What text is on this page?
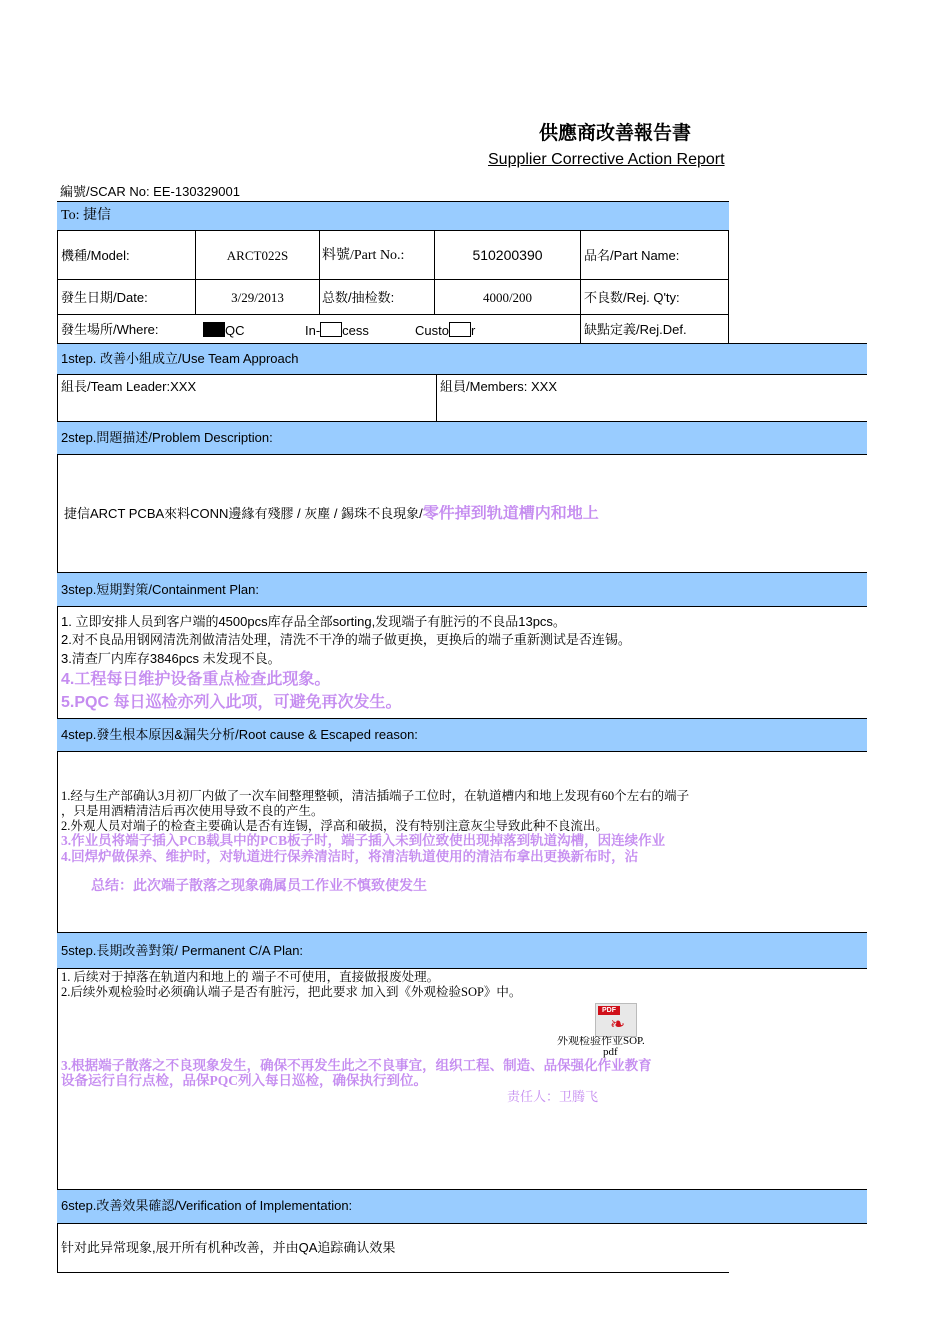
供應商改善報告書
Supplier Corrective Action Report
編號/SCAR No: EE-130329001
To: 捷信
機種/Model:	ARCT022S	料號/Part No.:	510200390	品名/Part Name:
發生日期/Date:	3/29/2013	总数/抽检数:	4000/200	不良数/Rej. Q'ty:
發生場所/Where:	QC	In- cess	Custo r	缺點定義/Rej.Def.
1step. 改善小組成立/Use Team Approach
組長/Team Leader:XXX	組員/Members: XXX
2step.問題描述/Problem Description:
捷信ARCT PCBA來料CONN邊緣有殘膠 / 灰塵 / 錫珠不良現象/零件掉到轨道槽内和地上
3step.短期對策/Containment Plan:
1. 立即安排人员到客户端的4500pcs库存品全部sorting,发现端子有脏污的不良品13pcs。
2.对不良品用钢网清洗剂做清洁处理，清洗不干净的端子做更换，更换后的端子重新测试是否连锡。
3.清查厂内库存3846pcs 未发现不良。
4.工程每日维护设备重点检查此现象。
5.PQC 每日巡检亦列入此项，可避免再次发生。
4step.發生根本原因&漏失分析/Root cause & Escaped reason:
1.经与生产部确认3月初厂内做了一次车间整理整顿，清洁插端子工位时，在轨道槽内和地上发现有60个左右的端子
，只是用酒精清洁后再次使用导致不良的产生。
2.外观人员对端子的检查主要确认是否有连锡，浮高和破损，没有特别注意灰尘导致此种不良流出。
3.作业员将端子插入PCB载具中的PCB板子时，端子插入未到位致使出现掉落到轨道沟槽，因连续作业
4.回焊炉做保养、维护时，对轨道进行保养清洁时，将清洁轨道使用的清洁布拿出更换新布时，沾
总结：此次端子散落之现象确属员工作业不慎致使发生
5step.長期改善對策/ Permanent C/A Plan:
1. 后续对于掉落在轨道内和地上的 端子不可使用，直接做报废处理。
2.后续外观检验时必须确认端子是否有脏污，把此要求 加入到《外观检验SOP》中。
PDF
❧
外观检验作业SOP.
pdf
3.根据端子散落之不良现象发生，确保不再发生此之不良事宜，组织工程、制造、品保强化作业教育
设备运行自行点检，品保PQC列入每日巡检，确保执行到位。
责任人：卫腾飞
6step.改善效果確認/Verification of Implementation:
针对此异常现象,展开所有机种改善，并由QA追踪确认效果
